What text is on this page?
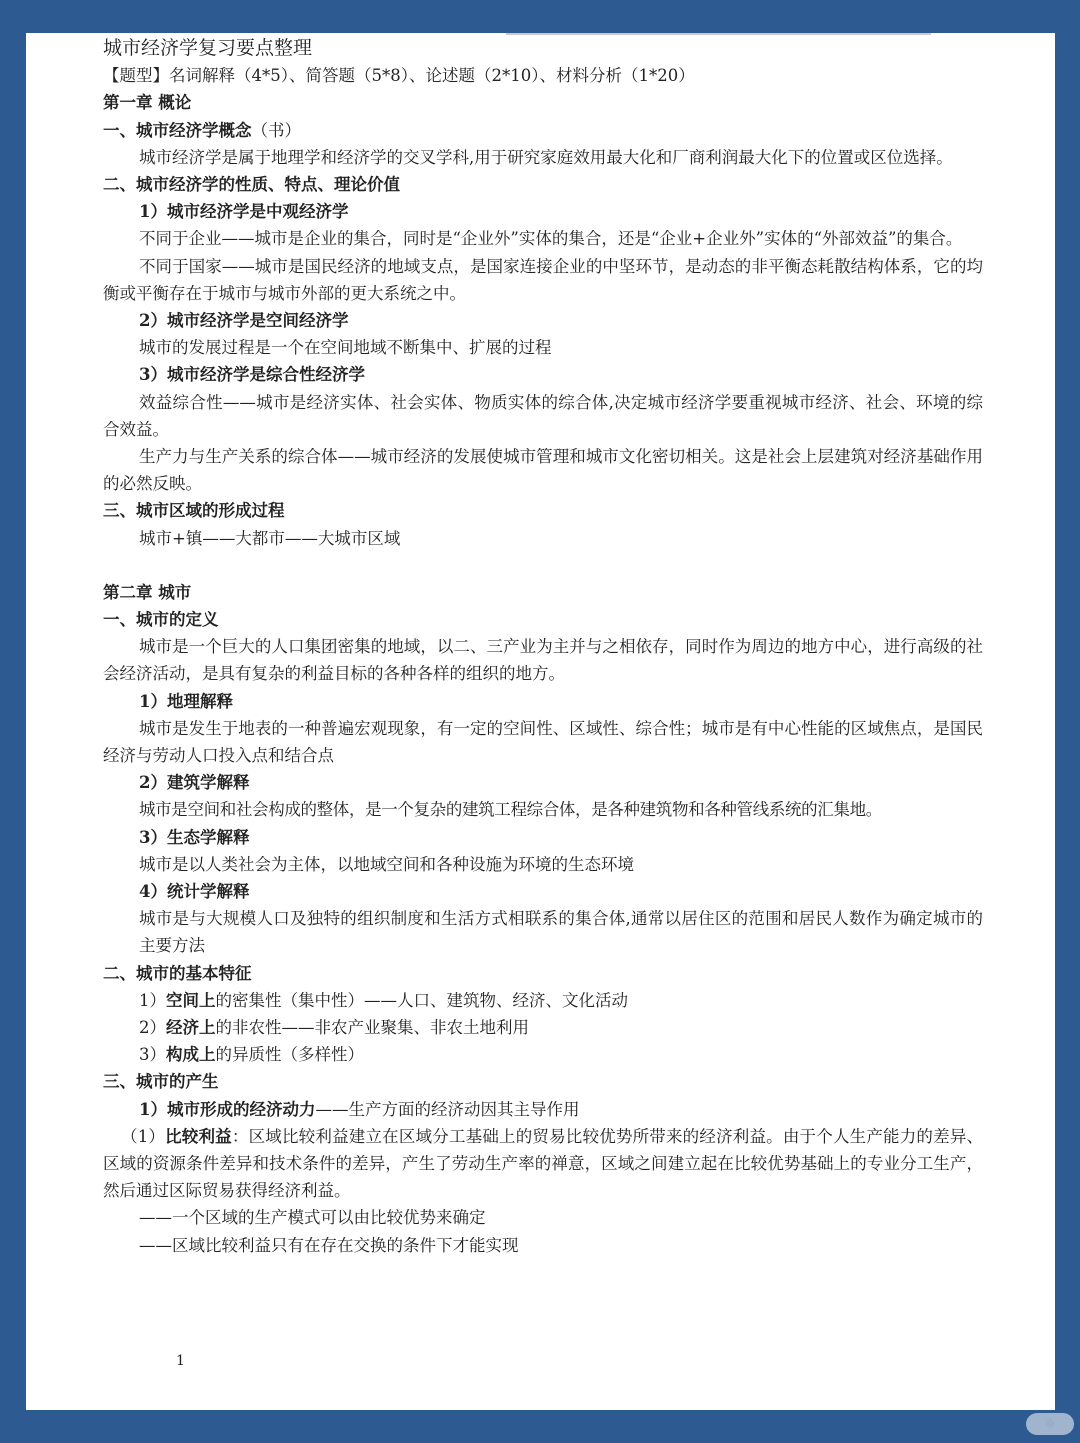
城市经济学复习要点整理
【题型】名词解释（4*5）、简答题（5*8）、论述题（2*10）、材料分析（1*20）
第一章 概论
一、城市经济学概念（书）
城市经济学是属于地理学和经济学的交叉学科,用于研究家庭效用最大化和厂商利润最大化下的位置或区位选择。
二、城市经济学的性质、特点、理论价值
1）城市经济学是中观经济学
不同于企业——城市是企业的集合，同时是“企业外”实体的集合，还是“企业+企业外”实体的“外部效益”的集合。
不同于国家——城市是国民经济的地域支点，是国家连接企业的中坚环节，是动态的非平衡态耗散结构体系，它的均衡或平衡存在于城市与城市外部的更大系统之中。
2）城市经济学是空间经济学
城市的发展过程是一个在空间地域不断集中、扩展的过程
3）城市经济学是综合性经济学
效益综合性——城市是经济实体、社会实体、物质实体的综合体,决定城市经济学要重视城市经济、社会、环境的综合效益。
生产力与生产关系的综合体——城市经济的发展使城市管理和城市文化密切相关。这是社会上层建筑对经济基础作用的必然反映。
三、城市区域的形成过程
城市+镇——大都市——大城市区域
第二章 城市
一、城市的定义
城市是一个巨大的人口集团密集的地域，以二、三产业为主并与之相依存，同时作为周边的地方中心，进行高级的社会经济活动，是具有复杂的利益目标的各种各样的组织的地方。
1）地理解释
城市是发生于地表的一种普遍宏观现象，有一定的空间性、区域性、综合性；城市是有中心性能的区域焦点，是国民经济与劳动人口投入点和结合点
2）建筑学解释
城市是空间和社会构成的整体，是一个复杂的建筑工程综合体，是各种建筑物和各种管线系统的汇集地。
3）生态学解释
城市是以人类社会为主体，以地域空间和各种设施为环境的生态环境
4）统计学解释
城市是与大规模人口及独特的组织制度和生活方式相联系的集合体,通常以居住区的范围和居民人数作为确定城市的主要方法
二、城市的基本特征
1）空间上的密集性（集中性）——人口、建筑物、经济、文化活动
2）经济上的非农性——非农产业聚集、非农土地利用
3）构成上的异质性（多样性）
三、城市的产生
1）城市形成的经济动力——生产方面的经济动因其主导作用
（1）比较利益：区域比较利益建立在区域分工基础上的贸易比较优势所带来的经济利益。由于个人生产能力的差异、区域的资源条件差异和技术条件的差异，产生了劳动生产率的禅意，区域之间建立起在比较优势基础上的专业分工生产，然后通过区际贸易获得经济利益。
——一个区域的生产模式可以由比较优势来确定
——区域比较利益只有在存在交换的条件下才能实现
1
◎
